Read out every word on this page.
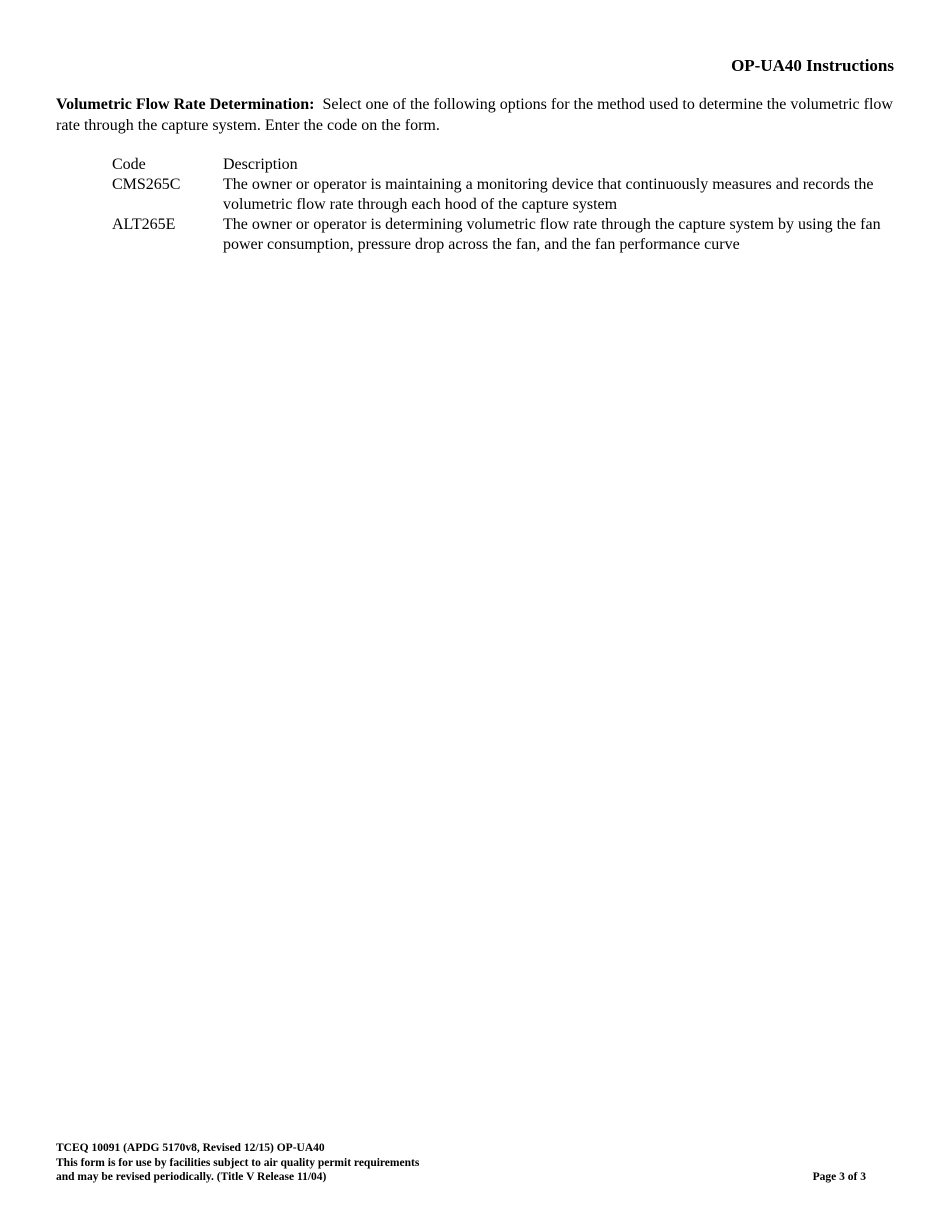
OP-UA40 Instructions
Volumetric Flow Rate Determination: Select one of the following options for the method used to determine the volumetric flow rate through the capture system. Enter the code on the form.
Code	Description
CMS265C	The owner or operator is maintaining a monitoring device that continuously measures and records the volumetric flow rate through each hood of the capture system
ALT265E	The owner or operator is determining volumetric flow rate through the capture system by using the fan power consumption, pressure drop across the fan, and the fan performance curve
TCEQ 10091 (APDG 5170v8, Revised 12/15) OP-UA40
This form is for use by facilities subject to air quality permit requirements
and may be revised periodically. (Title V Release 11/04)	Page 3 of 3
